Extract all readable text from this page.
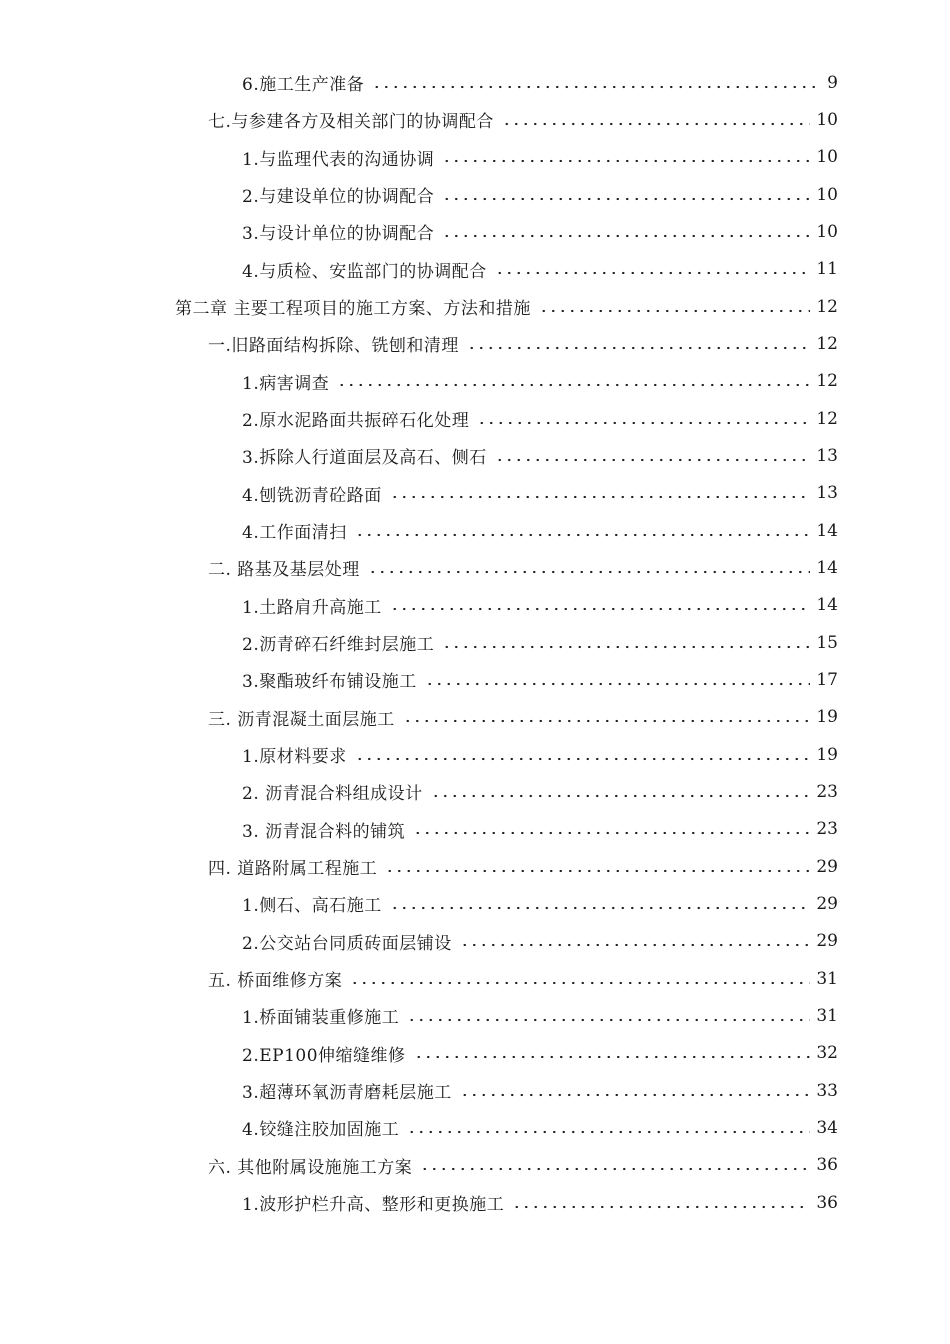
6.施工生产准备	9
七.与参建各方及相关部门的协调配合	10
1.与监理代表的沟通协调	10
2.与建设单位的协调配合	10
3.与设计单位的协调配合	10
4.与质检、安监部门的协调配合	11
第二章 主要工程项目的施工方案、方法和措施	12
一.旧路面结构拆除、铣刨和清理	12
1.病害调查	12
2.原水泥路面共振碎石化处理	12
3.拆除人行道面层及高石、侧石	13
4.刨铣沥青砼路面	13
4.工作面清扫	14
二. 路基及基层处理	14
1.土路肩升高施工	14
2.沥青碎石纤维封层施工	15
3.聚酯玻纤布铺设施工	17
三. 沥青混凝土面层施工	19
1.原材料要求	19
2. 沥青混合料组成设计	23
3. 沥青混合料的铺筑	23
四. 道路附属工程施工	29
1.侧石、高石施工	29
2.公交站台同质砖面层铺设	29
五. 桥面维修方案	31
1.桥面铺装重修施工	31
2.EP100伸缩缝维修	32
3.超薄环氧沥青磨耗层施工	33
4.铰缝注胶加固施工	34
六. 其他附属设施施工方案	36
1.波形护栏升高、整形和更换施工	36
